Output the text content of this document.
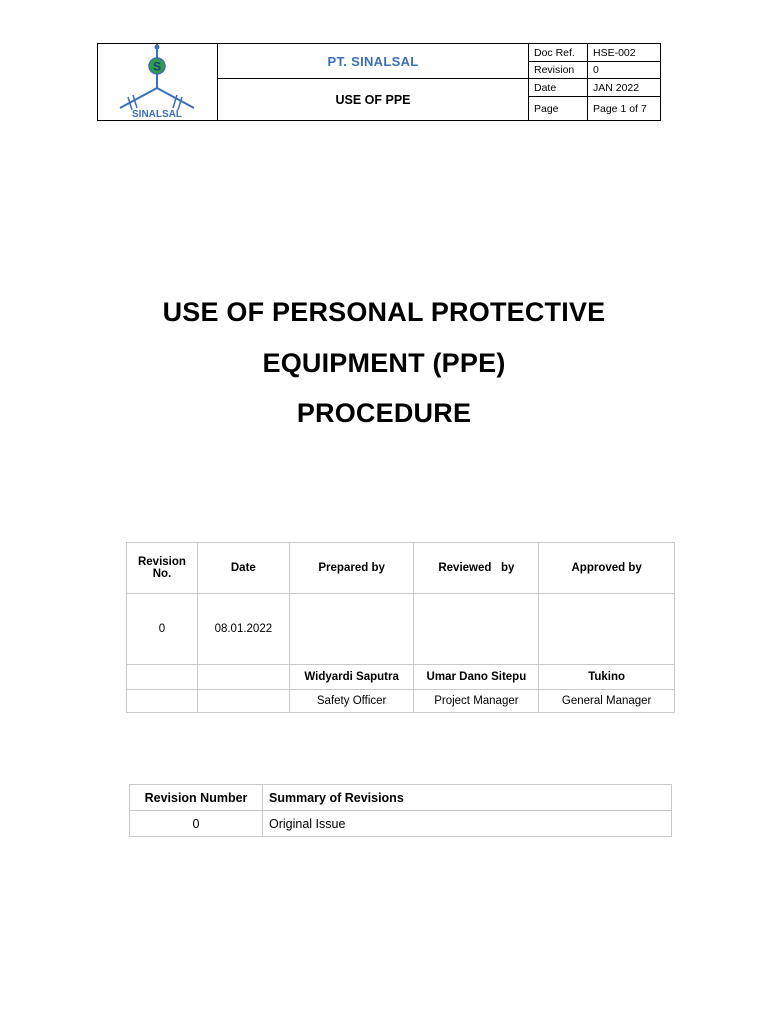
S
SINALSAL
PT. SINALSAL
USE OF PPE
Doc Ref.	HSE-002
Revision	0
Date	JAN 2022
Page	Page 1 of 7
USE OF PERSONAL PROTECTIVE
EQUIPMENT (PPE)
PROCEDURE
Revision No.	Date	Prepared by	Reviewed   by	Approved by
0	08.01.2022			
		Widyardi Saputra	Umar Dano Sitepu	Tukino
		Safety Officer	Project Manager	General Manager
Revision Number	Summary of Revisions
0	Original Issue
